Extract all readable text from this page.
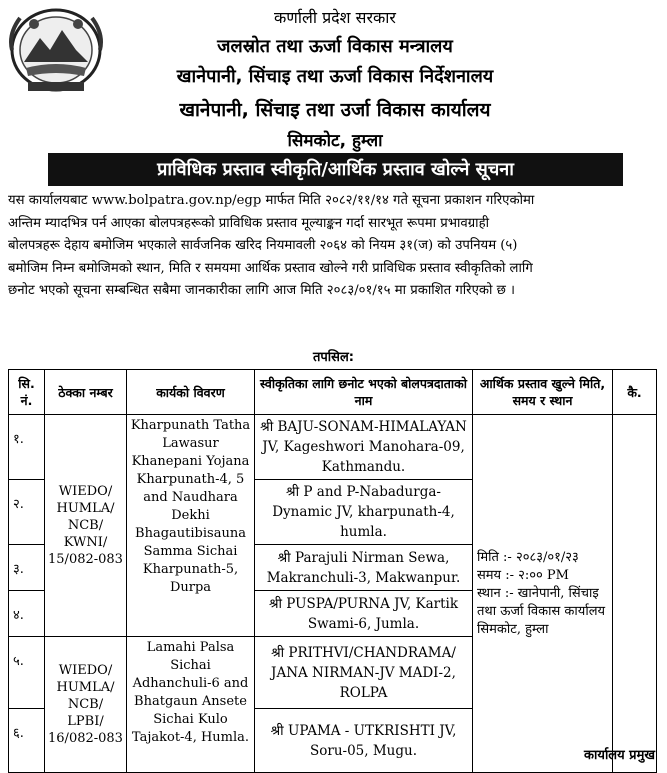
कर्णाली प्रदेश सरकार
जलस्रोत तथा ऊर्जा विकास मन्त्रालय
खानेपानी, सिंचाइ तथा ऊर्जा विकास निर्देशनालय
खानेपानी, सिंचाइ तथा उर्जा विकास कार्यालय
सिमकोट, हुम्ला
प्राविधिक प्रस्ताव स्वीकृति/आर्थिक प्रस्ताव खोल्ने सूचना
यस कार्यालयबाट www.bolpatra.gov.np/egp मार्फत मिति २०८२/११/१४ गते सूचना प्रकाशन गरिएकोमा
अन्तिम म्यादभित्र पर्न आएका बोलपत्रहरूको प्राविधिक प्रस्ताव मूल्याङ्कन गर्दा सारभूत रूपमा प्रभावग्राही
बोलपत्रहरू देहाय बमोजिम भएकाले सार्वजनिक खरिद नियमावली २०६४ को नियम ३१(ज) को उपनियम (५)
बमोजिम निम्न बमोजिमको स्थान, मिति र समयमा आर्थिक प्रस्ताव खोल्ने गरी प्राविधिक प्रस्ताव स्वीकृतिको लागि
छनोट भएको सूचना सम्बन्धित सबैमा जानकारीका लागि आज मिति २०८३/०१/१५ मा प्रकाशित गरिएको छ ।
तपसिल:
सि. नं.	ठेक्का नम्बर	कार्यको विवरण	स्वीकृतिका लागि छनोट भएको बोलपत्रदाताको नाम	आर्थिक प्रस्ताव खुल्ने मिति, समय र स्थान	कै.
१.	WIEDO/ HUMLA/ NCB/ KWNI/ 15/082-083	Kharpunath Tatha Lawasur Khanepani Yojana Kharpunath-4, 5 and Naudhara Dekhi Bhagautibisauna Samma Sichai Kharpunath-5, Durpa	श्री BAJU-SONAM-HIMALAYAN JV, Kageshwori Manohara-09, Kathmandu.	मिति :- २०८३/०१/२३
समय :- २:०० PM
स्थान :- खानेपानी, सिंचाइ तथा ऊर्जा विकास कार्यालय सिमकोट, हुम्ला	

२.			श्री P and P-Nabadurga-Dynamic JV, kharpunath-4, humla.		
३.			श्री Parajuli Nirman Sewa, Makranchuli-3, Makwanpur.		
४.			श्री PUSPA/PURNA JV, Kartik Swami-6, Jumla.		
५.	WIEDO/ HUMLA/ NCB/ LPBI/ 16/082-083	Lamahi Palsa Sichai Adhanchuli-6 and Bhatgaun Ansete Sichai Kulo Tajakot-4, Humla.	श्री PRITHVI/CHANDRAMA/ JANA NIRMAN-JV MADI-2, ROLPA		
६.			श्री UPAMA - UTKRISHTI JV, Soru-05, Mugu.			कार्यालय प्रमुख
